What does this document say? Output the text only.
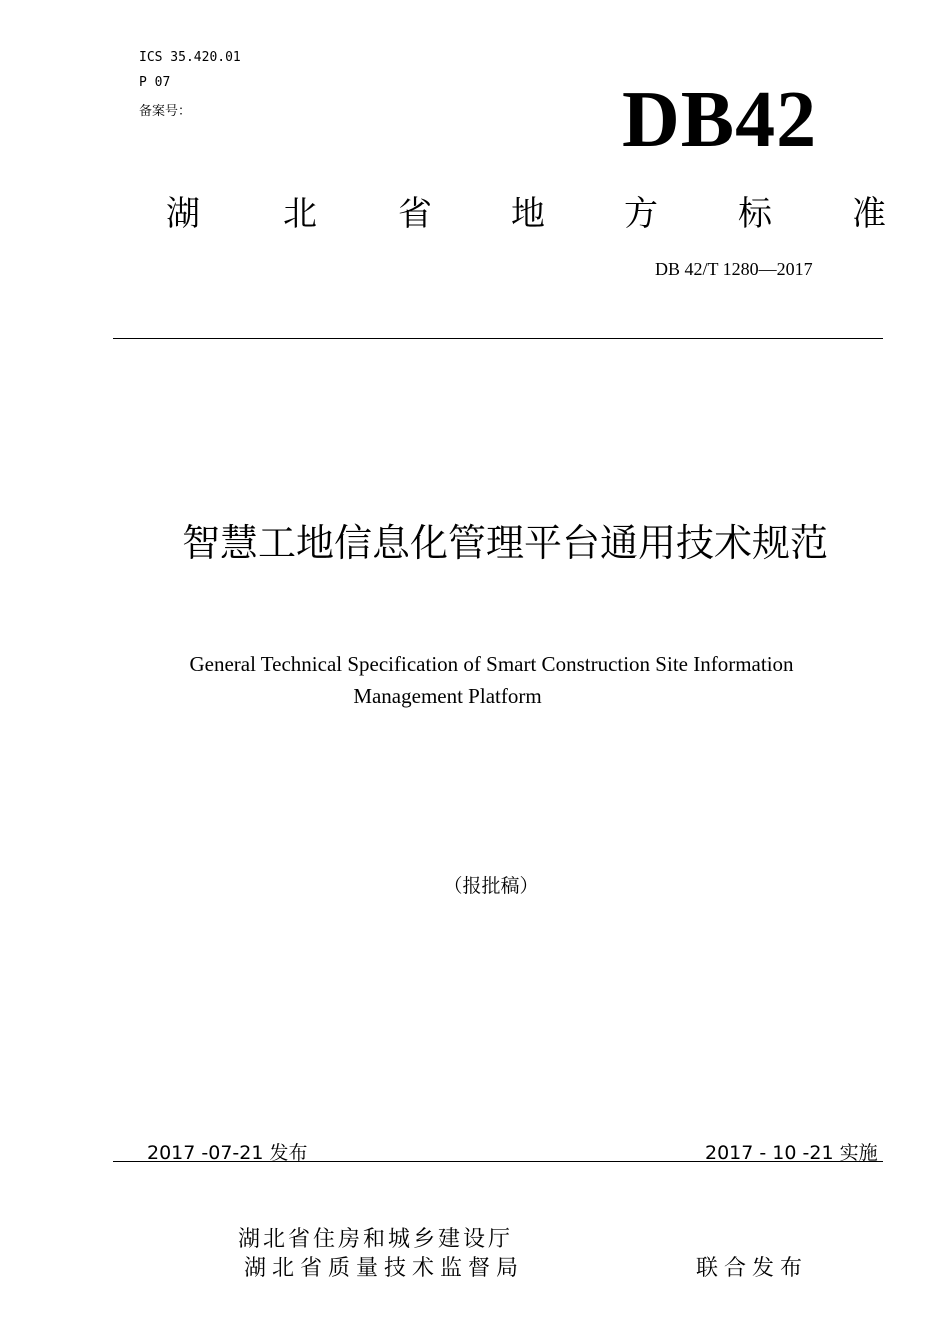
ICS 35.420.01
P 07
备案号：	DB42
湖 北 省 地 方 标 准
DB 42/T 1280—2017
智慧工地信息化管理平台通用技术规范
General Technical Specification of Smart Construction Site Information
Management Platform
（报批稿）
2017 -07-21 发布	2017 - 10 -21 实施
湖北省住房和城乡建设厅
湖北省质量技术监督局	联合发布
